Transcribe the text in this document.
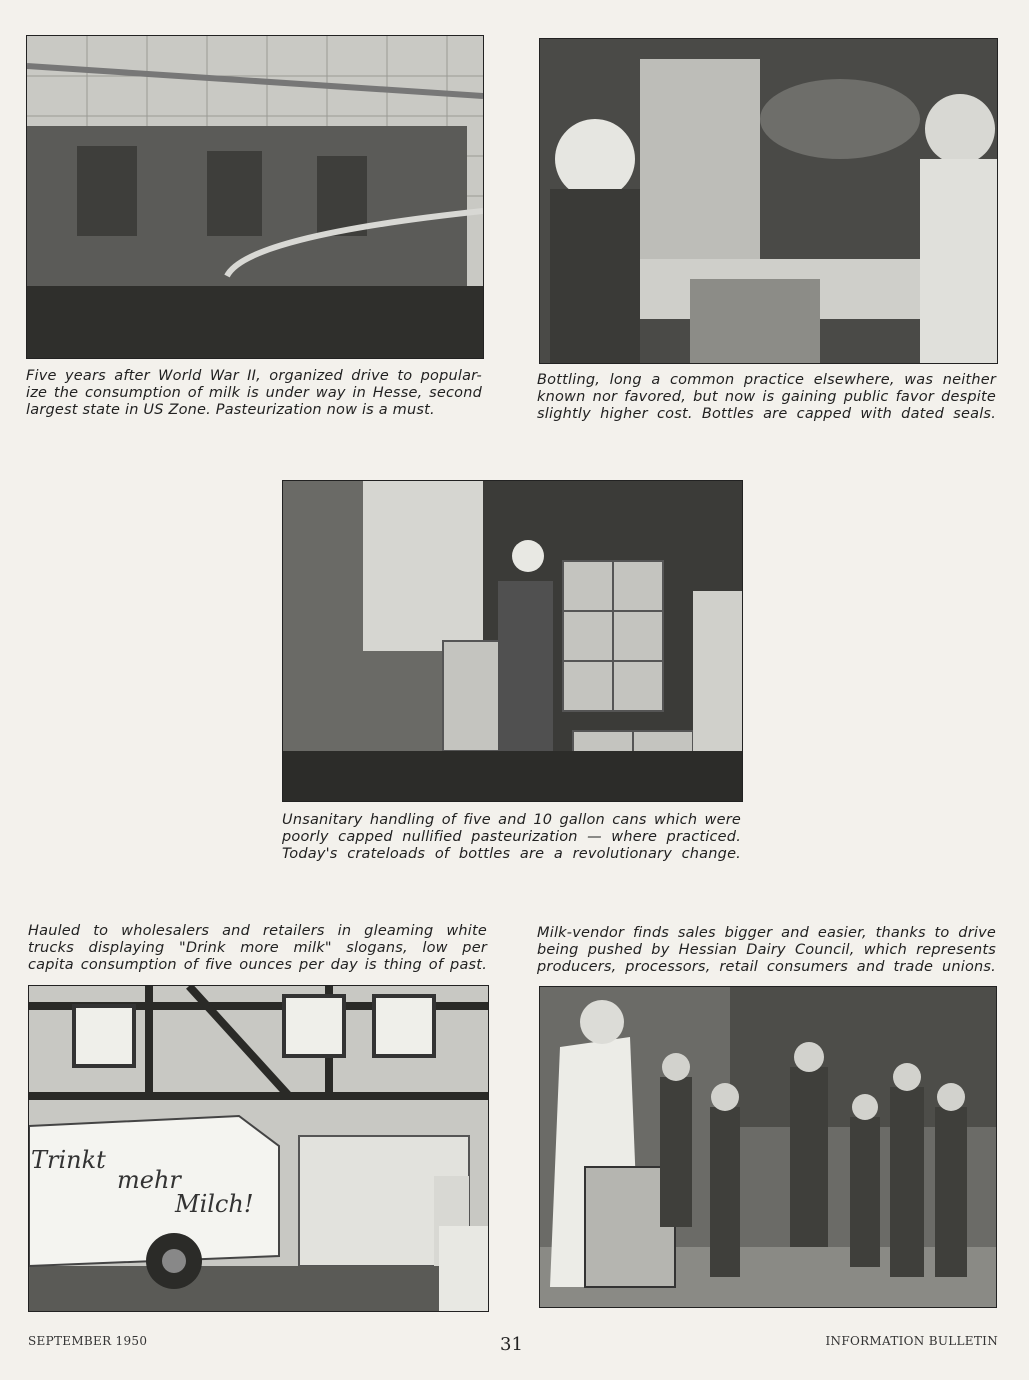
Five years after World War II, organized drive to popular-
ize the consumption of milk is under way in Hesse, second
largest state in US Zone. Pasteurization now is a must.

Bottling, long a common practice elsewhere, was neither
known nor favored, but now is gaining public favor despite
slightly higher cost. Bottles are capped with dated seals.

Unsanitary handling of five and 10 gallon cans which were
poorly capped nullified pasteurization — where practiced.
Today's crateloads of bottles are a revolutionary change.

Hauled to wholesalers and retailers in gleaming white
trucks displaying "Drink more milk" slogans, low per
capita consumption of five ounces per day is thing of past.

Trinkt
mehr
Milch!

Milk-vendor finds sales bigger and easier, thanks to drive
being pushed by Hessian Dairy Council, which represents
producers, processors, retail consumers and trade unions.

SEPTEMBER 1950	31	INFORMATION BULLETIN
